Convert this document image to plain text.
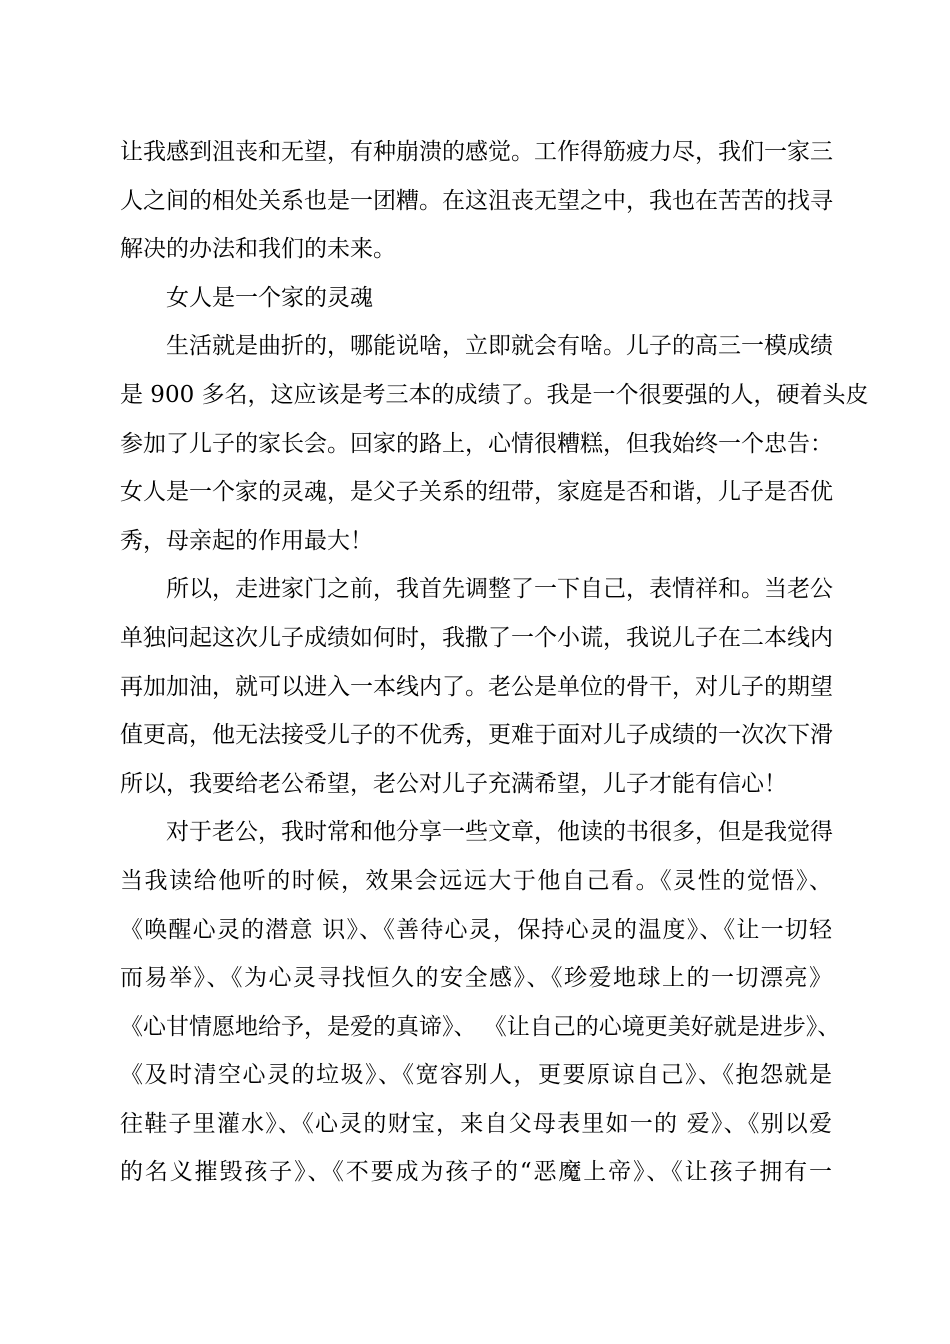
让我感到沮丧和无望，有种崩溃的感觉。工作得筋疲力尽，我们一家三
人之间的相处关系也是一团糟。在这沮丧无望之中，我也在苦苦的找寻
解决的办法和我们的未来。
女人是一个家的灵魂
生活就是曲折的，哪能说啥，立即就会有啥。儿子的高三一模成绩
是 900 多名，这应该是考三本的成绩了。我是一个很要强的人，硬着头皮
参加了儿子的家长会。回家的路上，心情很糟糕，但我始终一个忠告：
女人是一个家的灵魂，是父子关系的纽带，家庭是否和谐，儿子是否优
秀，母亲起的作用最大！
所以，走进家门之前，我首先调整了一下自己，表情祥和。当老公
单独问起这次儿子成绩如何时，我撒了一个小谎，我说儿子在二本线内
再加加油，就可以进入一本线内了。老公是单位的骨干，对儿子的期望
值更高，他无法接受儿子的不优秀，更难于面对儿子成绩的一次次下滑
所以，我要给老公希望，老公对儿子充满希望，儿子才能有信心！
对于老公，我时常和他分享一些文章，他读的书很多，但是我觉得
当我读给他听的时候，效果会远远大于他自己看。《灵性的觉悟》、
《唤醒心灵的潜意 识》、《善待心灵，保持心灵的温度》、《让一切轻
而易举》、《为心灵寻找恒久的安全感》、《珍爱地球上的一切漂亮》
《心甘情愿地给予，是爱的真谛》、 《让自己的心境更美好就是进步》、
《及时清空心灵的垃圾》、《宽容别人，更要原谅自己》、《抱怨就是
往鞋子里灌水》、《心灵的财宝，来自父母表里如一的 爱》、《别以爱
的名义摧毁孩子》、《不要成为孩子的“恶魔上帝》、《让孩子拥有一
